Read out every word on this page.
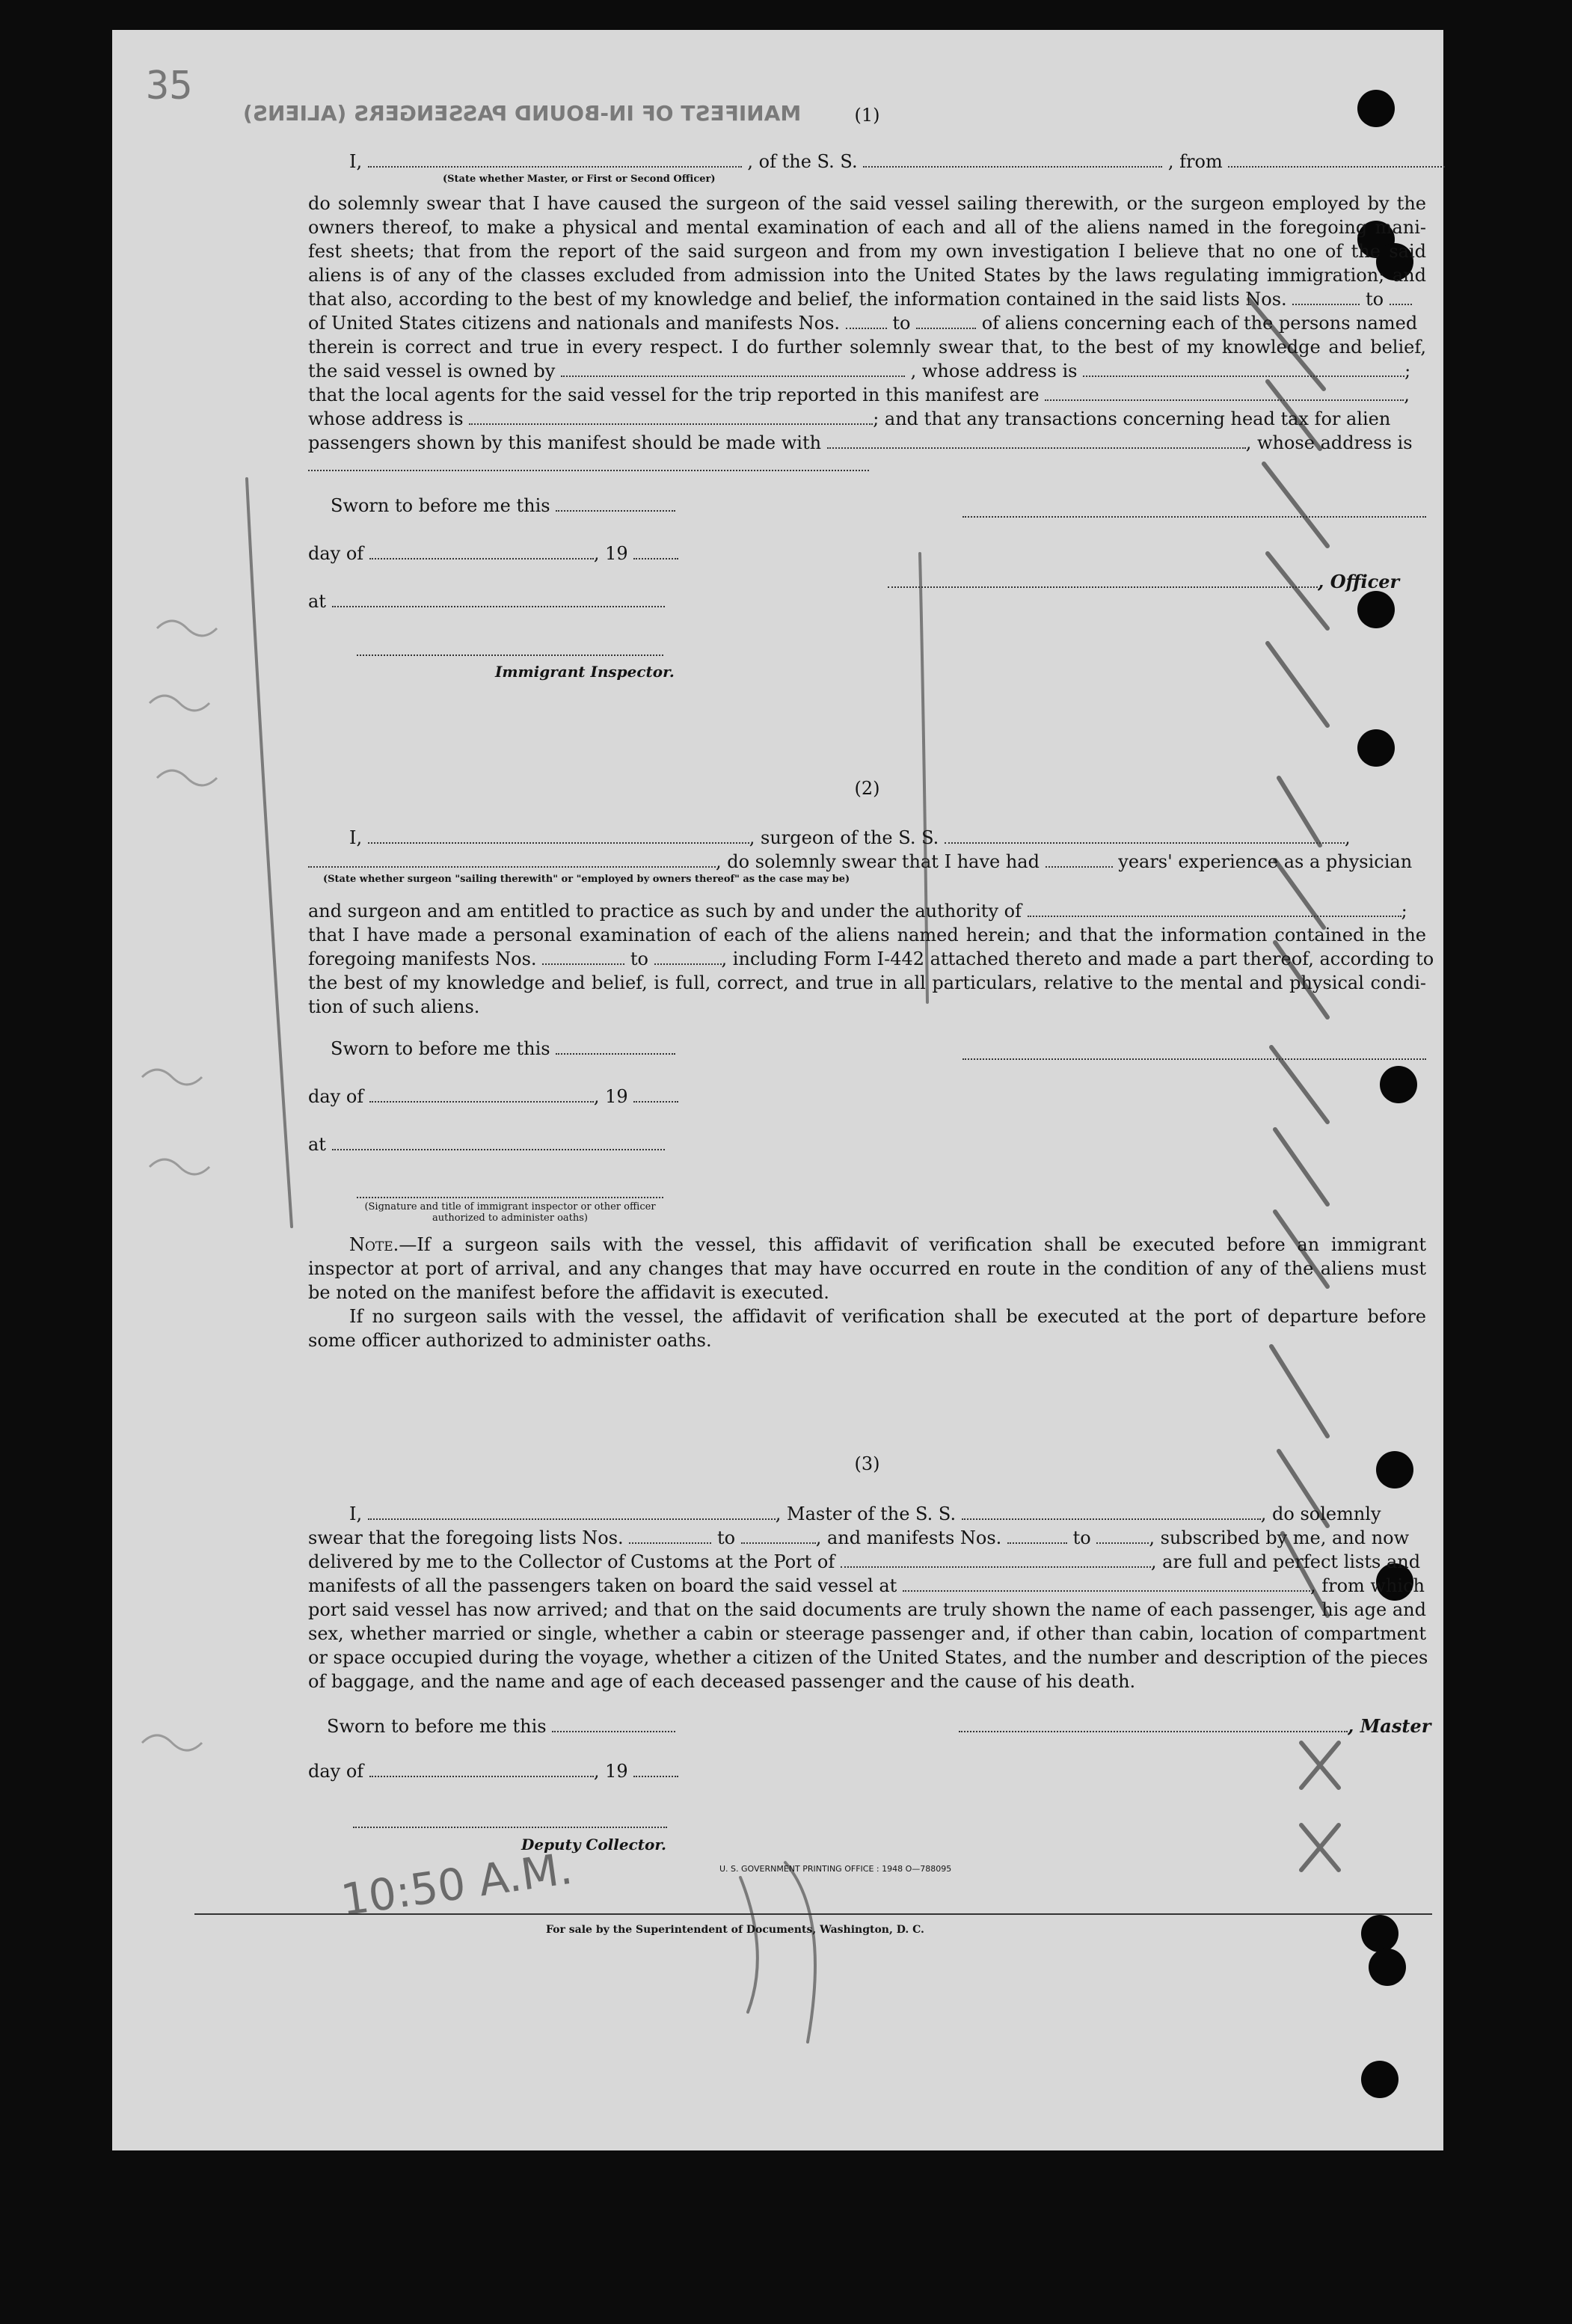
35
MANIFEST OF IN-BOUND PASSENGERS (ALIENS)
10:50 A.M.
(1)
I,	, of the S. S.	, from
(State whether Master, or First or Second Officer)
do solemnly swear that I have caused the surgeon of the said vessel sailing therewith, or the surgeon employed by the
owners thereof, to make a physical and mental examination of each and all of the aliens named in the foregoing mani-
fest sheets; that from the report of the said surgeon and from my own investigation I believe that no one of the said
aliens is of any of the classes excluded from admission into the United States by the laws regulating immigration; and
that also, according to the best of my knowledge and belief, the information contained in the said lists Nos.	to
of United States citizens and nationals and manifests Nos.	to	of aliens concerning each of the persons named
therein is correct and true in every respect. I do further solemnly swear that, to the best of my knowledge and belief,
the said vessel is owned by	, whose address is	;
that the local agents for the said vessel for the trip reported in this manifest are	,
whose address is	; and that any transactions concerning head tax for alien
passengers shown by this manifest should be made with	, whose address is
Sworn to before me this
day of	, 19
, Officer
at
Immigrant Inspector.
(2)
I,	, surgeon of the S. S.	,
, do solemnly swear that I have had	years' experience as a physician
(State whether surgeon "sailing therewith" or "employed by owners thereof" as the case may be)
and surgeon and am entitled to practice as such by and under the authority of	;
that I have made a personal examination of each of the aliens named herein; and that the information contained in the
foregoing manifests Nos.	to	, including Form I-442 attached thereto and made a part thereof, according to
the best of my knowledge and belief, is full, correct, and true in all particulars, relative to the mental and physical condi-
tion of such aliens.
Sworn to before me this
day of	, 19
at
(Signature and title of immigrant inspector or other officer authorized to administer oaths)
Note.—If a surgeon sails with the vessel, this affidavit of verification shall be executed before an immigrant
inspector at port of arrival, and any changes that may have occurred en route in the condition of any of the aliens must
be noted on the manifest before the affidavit is executed.
If no surgeon sails with the vessel, the affidavit of verification shall be executed at the port of departure before
some officer authorized to administer oaths.
(3)
I,	, Master of the S. S.	, do solemnly
swear that the foregoing lists Nos.	to	, and manifests Nos.	to	, subscribed by me, and now
delivered by me to the Collector of Customs at the Port of	, are full and perfect lists and
manifests of all the passengers taken on board the said vessel at	, from which
port said vessel has now arrived; and that on the said documents are truly shown the name of each passenger, his age and
sex, whether married or single, whether a cabin or steerage passenger and, if other than cabin, location of compartment
or space occupied during the voyage, whether a citizen of the United States, and the number and description of the pieces
of baggage, and the name and age of each deceased passenger and the cause of his death.
Sworn to before me this	, Master
day of	, 19
Deputy Collector.
U. S. GOVERNMENT PRINTING OFFICE : 1948 O—788095
For sale by the Superintendent of Documents, Washington, D. C.
